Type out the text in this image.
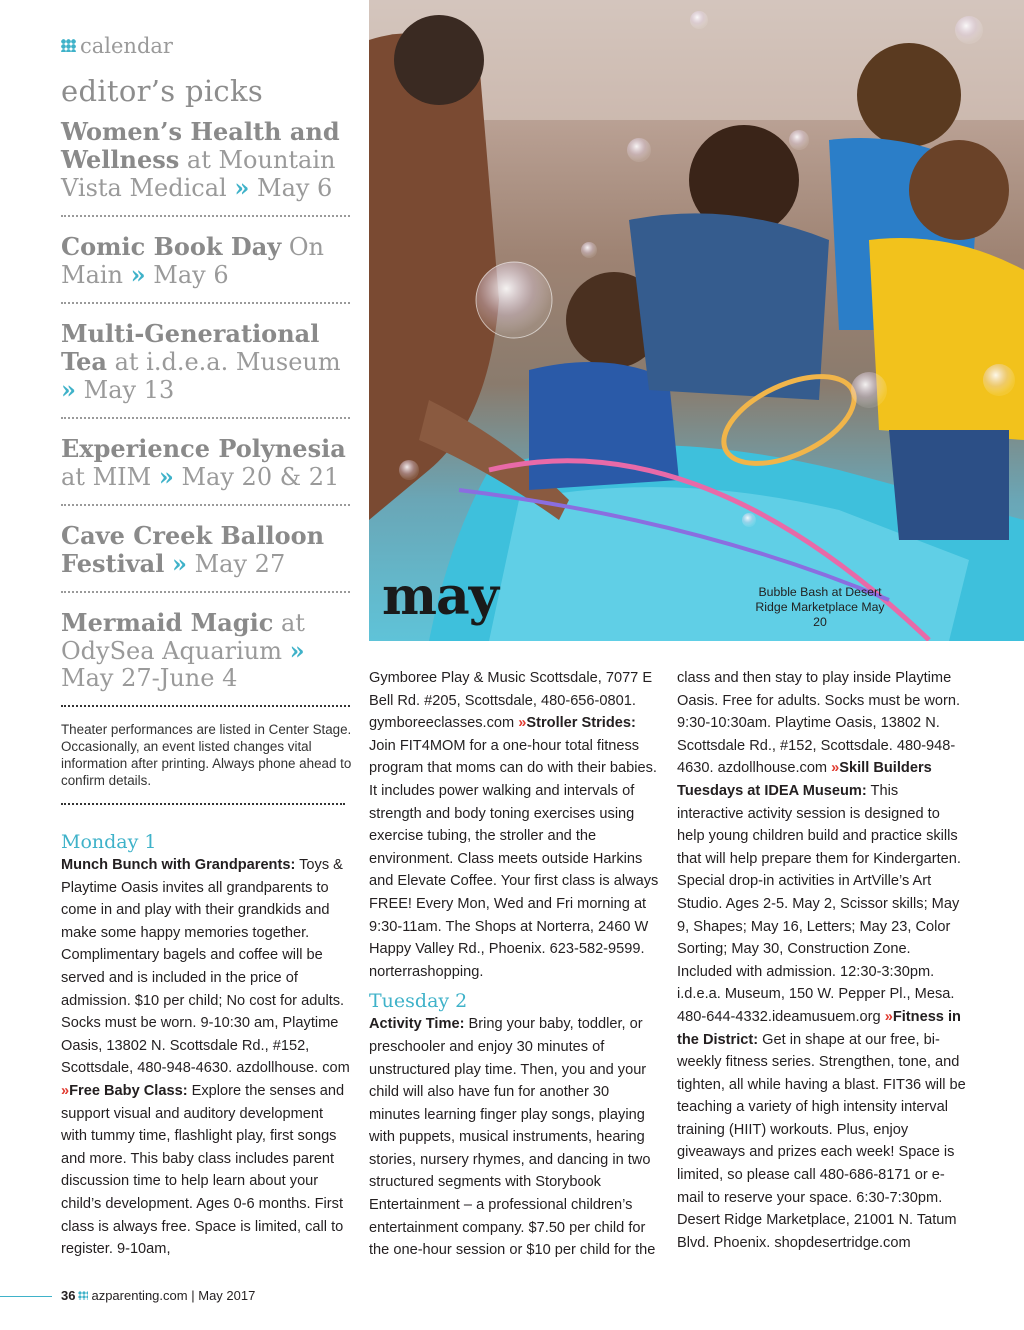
calendar
editor’s picks
Women’s Health and Wellness at Mountain Vista Medical » May 6
Comic Book Day On Main » May 6
Multi-Generational Tea at i.d.e.a. Museum » May 13
Experience Polynesia at MIM » May 20 & 21
Cave Creek Balloon Festival » May 27
Mermaid Magic at OdySea Aquarium » May 27-June 4
Theater performances are listed in Center Stage. Occasionally, an event listed changes vital information after printing. Always phone ahead to confirm details.
may	Bubble Bash at Desert Ridge Marketplace May 20
Monday 1
Munch Bunch with Grandparents: Toys & Playtime Oasis invites all grandparents to come in and play with their grandkids and make some happy memories together. Complimentary bagels and coffee will be served and is included in the price of admission. $10 per child; No cost for adults. Socks must be worn. 9-10:30 am, Playtime Oasis, 13802 N. Scottsdale Rd., #152, Scottsdale, 480-948-4630. azdollhouse. com »Free Baby Class: Explore the senses and support visual and auditory development with tummy time, flashlight play, first songs and more. This baby class includes parent discussion time to help learn about your child’s development. Ages 0-6 months. First class is always free. Space is limited, call to register. 9-10am,
Gymboree Play & Music Scottsdale, 7077 E Bell Rd. #205, Scottsdale, 480-656-0801. gymboreeclasses.com »Stroller Strides: Join FIT4MOM for a one-hour total fitness program that moms can do with their babies. It includes power walking and intervals of strength and body toning exercises using exercise tubing, the stroller and the environment. Class meets outside Harkins and Elevate Coffee. Your first class is always FREE! Every Mon, Wed and Fri morning at 9:30-11am. The Shops at Norterra, 2460 W Happy Valley Rd., Phoenix. 623-582-9599. norterrashopping.
Tuesday 2
Activity Time: Bring your baby, toddler, or preschooler and enjoy 30 minutes of unstructured play time. Then, you and your child will also have fun for another 30 minutes learning finger play songs, playing with puppets, musical instruments, hearing stories, nursery rhymes, and dancing in two structured segments with Storybook Entertainment – a professional children’s entertainment company. $7.50 per child for the one-hour session or $10 per child for the
class and then stay to play inside Playtime Oasis. Free for adults. Socks must be worn. 9:30-10:30am. Playtime Oasis, 13802 N. Scottsdale Rd., #152, Scottsdale. 480-948-4630. azdollhouse.com »Skill Builders Tuesdays at IDEA Museum: This interactive activity session is designed to help young children build and practice skills that will help prepare them for Kindergarten. Special drop-in activities in ArtVille’s Art Studio. Ages 2-5. May 2, Scissor skills; May 9, Shapes; May 16, Letters; May 23, Color Sorting; May 30, Construction Zone. Included with admission. 12:30-3:30pm. i.d.e.a. Museum, 150 W. Pepper Pl., Mesa. 480-644-4332.ideamusuem.org »Fitness in the District: Get in shape at our free, bi-weekly fitness series. Strengthen, tone, and tighten, all while having a blast. FIT36 will be teaching a variety of high intensity interval training (HIIT) workouts. Plus, enjoy giveaways and prizes each week! Space is limited, so please call 480-686-8171 or e-mail to reserve your space. 6:30-7:30pm. Desert Ridge Marketplace, 21001 N. Tatum Blvd. Phoenix. shopdesertridge.com
36 azparenting.com | May 2017
